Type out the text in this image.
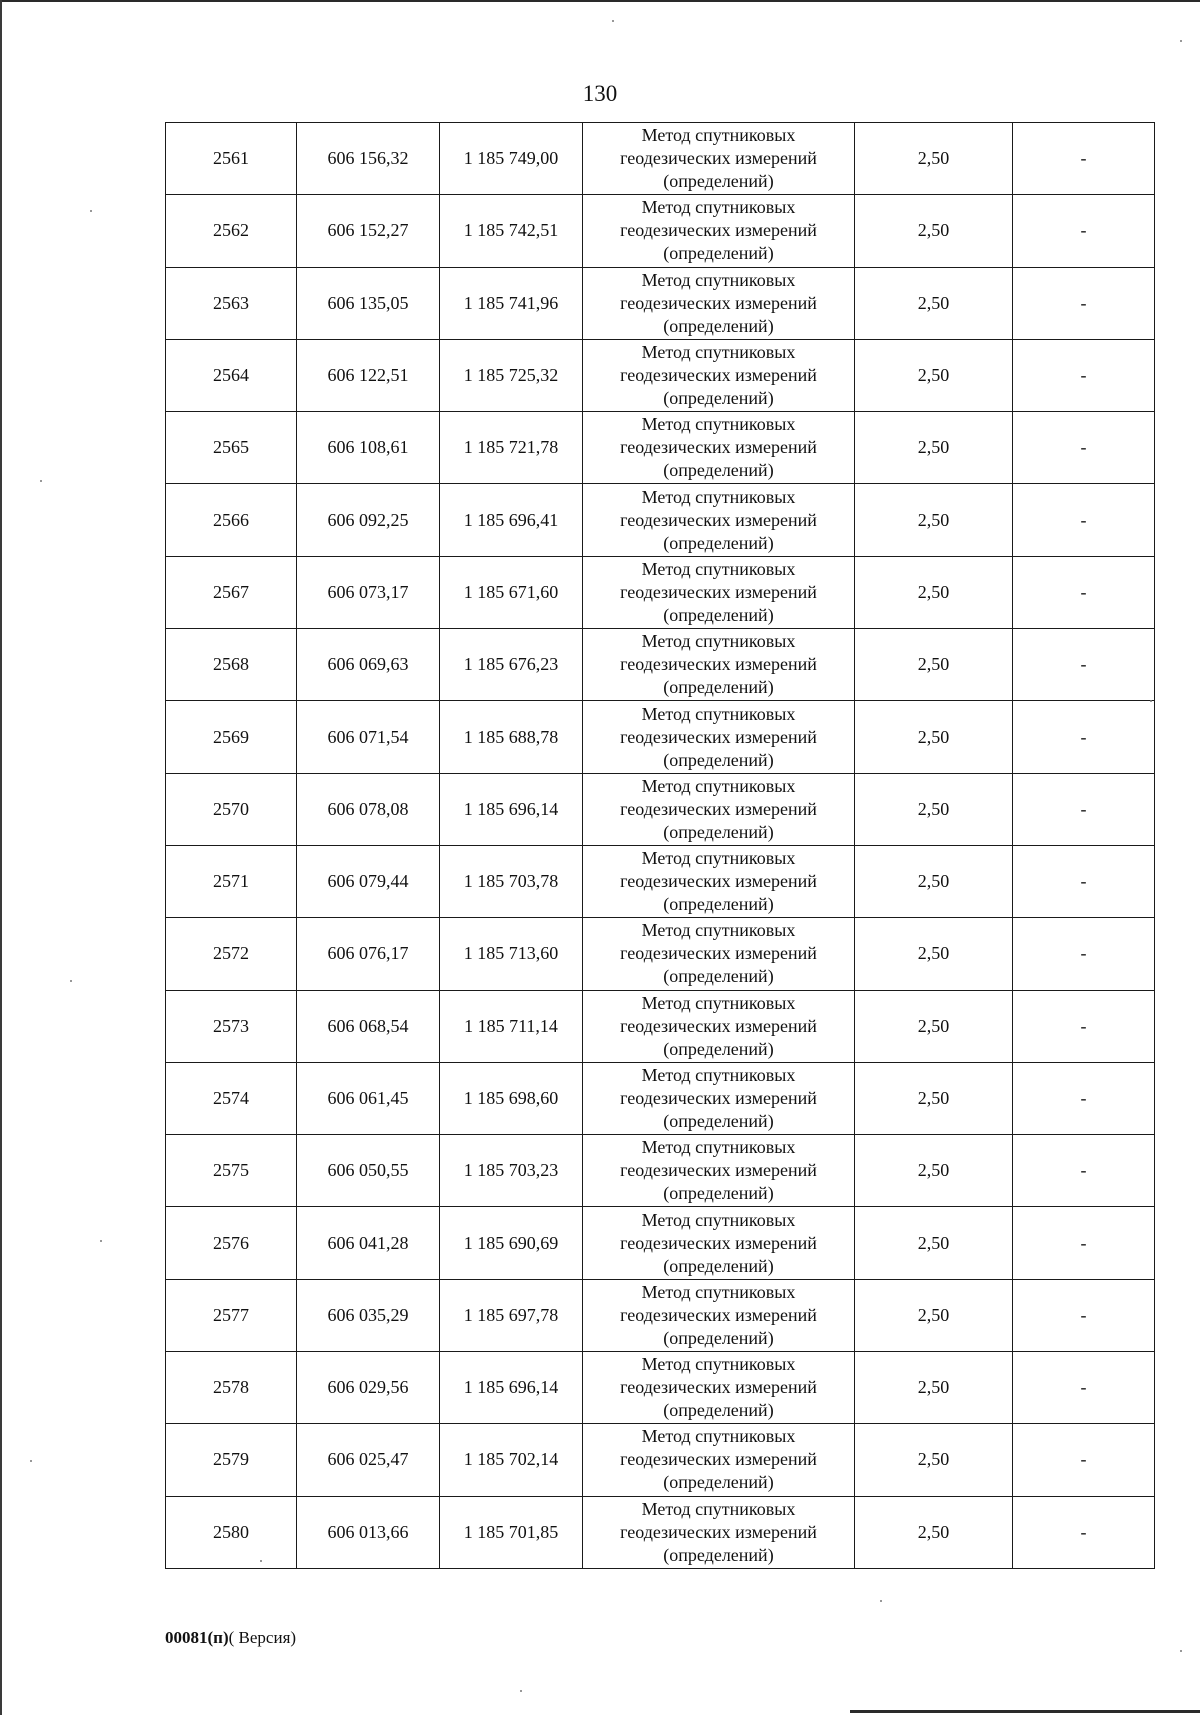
130
2561	606 156,32	1 185 749,00	Метод спутниковых
геодезических измерений
(определений)	2,50	-
2562	606 152,27	1 185 742,51	Метод спутниковых
геодезических измерений
(определений)	2,50	-
2563	606 135,05	1 185 741,96	Метод спутниковых
геодезических измерений
(определений)	2,50	-
2564	606 122,51	1 185 725,32	Метод спутниковых
геодезических измерений
(определений)	2,50	-
2565	606 108,61	1 185 721,78	Метод спутниковых
геодезических измерений
(определений)	2,50	-
2566	606 092,25	1 185 696,41	Метод спутниковых
геодезических измерений
(определений)	2,50	-
2567	606 073,17	1 185 671,60	Метод спутниковых
геодезических измерений
(определений)	2,50	-
2568	606 069,63	1 185 676,23	Метод спутниковых
геодезических измерений
(определений)	2,50	-
2569	606 071,54	1 185 688,78	Метод спутниковых
геодезических измерений
(определений)	2,50	-
2570	606 078,08	1 185 696,14	Метод спутниковых
геодезических измерений
(определений)	2,50	-
2571	606 079,44	1 185 703,78	Метод спутниковых
геодезических измерений
(определений)	2,50	-
2572	606 076,17	1 185 713,60	Метод спутниковых
геодезических измерений
(определений)	2,50	-
2573	606 068,54	1 185 711,14	Метод спутниковых
геодезических измерений
(определений)	2,50	-
2574	606 061,45	1 185 698,60	Метод спутниковых
геодезических измерений
(определений)	2,50	-
2575	606 050,55	1 185 703,23	Метод спутниковых
геодезических измерений
(определений)	2,50	-
2576	606 041,28	1 185 690,69	Метод спутниковых
геодезических измерений
(определений)	2,50	-
2577	606 035,29	1 185 697,78	Метод спутниковых
геодезических измерений
(определений)	2,50	-
2578	606 029,56	1 185 696,14	Метод спутниковых
геодезических измерений
(определений)	2,50	-
2579	606 025,47	1 185 702,14	Метод спутниковых
геодезических измерений
(определений)	2,50	-
2580	606 013,66	1 185 701,85	Метод спутниковых
геодезических измерений
(определений)	2,50	-
00081(п)( Версия)
